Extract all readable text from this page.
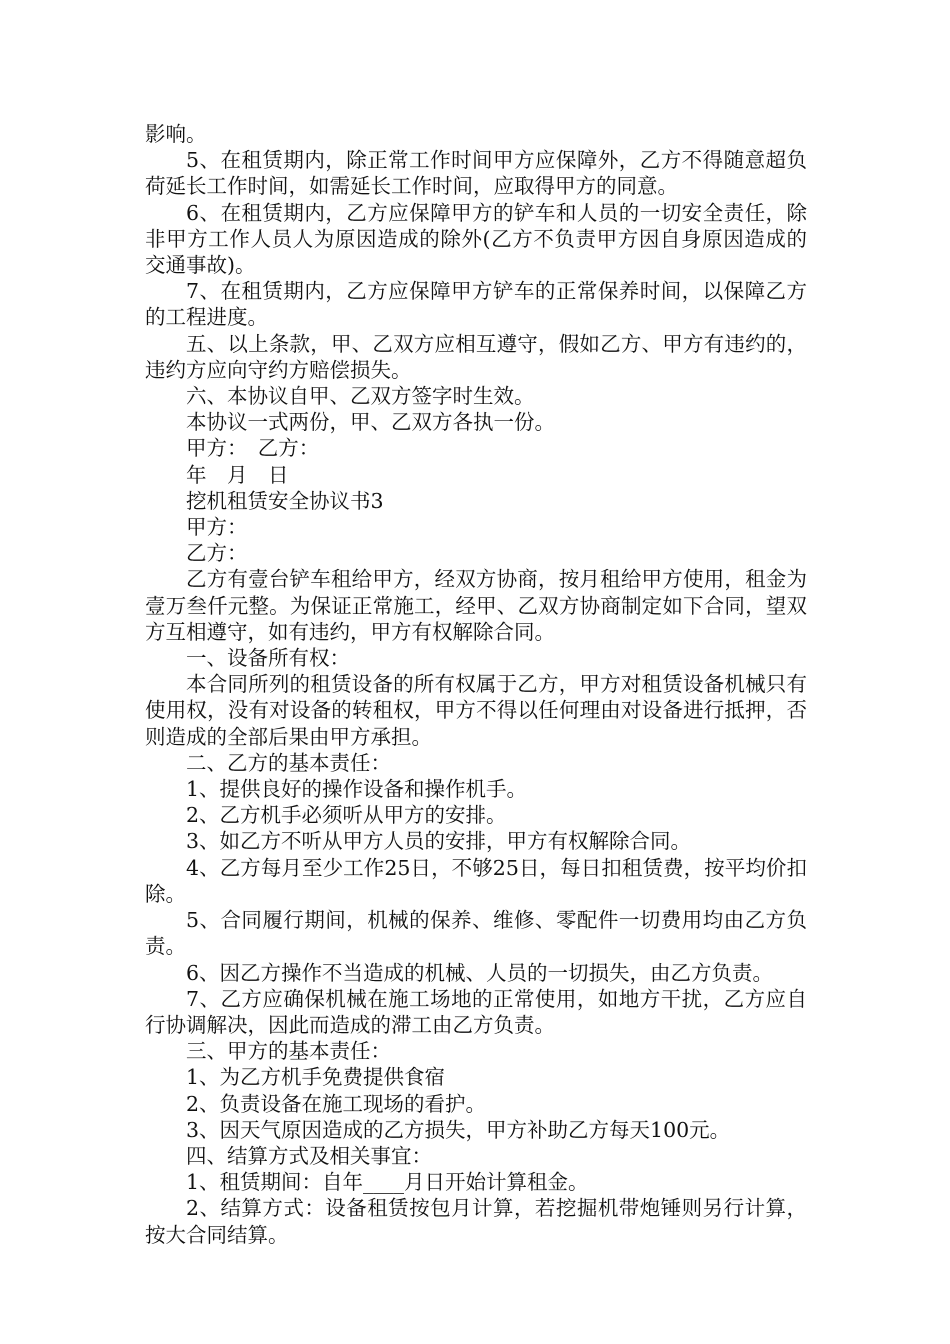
影响。

5、在租赁期内，除正常工作时间甲方应保障外，乙方不得随意超负荷延长工作时间，如需延长工作时间，应取得甲方的同意。

6、在租赁期内，乙方应保障甲方的铲车和人员的一切安全责任，除非甲方工作人员人为原因造成的除外(乙方不负责甲方因自身原因造成的交通事故)。

7、在租赁期内，乙方应保障甲方铲车的正常保养时间，以保障乙方的工程进度。

五、以上条款，甲、乙双方应相互遵守，假如乙方、甲方有违约的，违约方应向守约方赔偿损失。

六、本协议自甲、乙双方签字时生效。

本协议一式两份，甲、乙双方各执一份。

甲方：　乙方：

年　月　日

挖机租赁安全协议书3

甲方：

乙方：

乙方有壹台铲车租给甲方，经双方协商，按月租给甲方使用，租金为壹万叁仟元整。为保证正常施工，经甲、乙双方协商制定如下合同，望双方互相遵守，如有违约，甲方有权解除合同。

一、设备所有权：

本合同所列的租赁设备的所有权属于乙方，甲方对租赁设备机械只有使用权，没有对设备的转租权，甲方不得以任何理由对设备进行抵押，否则造成的全部后果由甲方承担。

二、乙方的基本责任：

1、提供良好的操作设备和操作机手。

2、乙方机手必须听从甲方的安排。

3、如乙方不听从甲方人员的安排，甲方有权解除合同。

4、乙方每月至少工作25日，不够25日，每日扣租赁费，按平均价扣除。

5、合同履行期间，机械的保养、维修、零配件一切费用均由乙方负责。

6、因乙方操作不当造成的机械、人员的一切损失，由乙方负责。

7、乙方应确保机械在施工场地的正常使用，如地方干扰，乙方应自行协调解决，因此而造成的滞工由乙方负责。

三、甲方的基本责任：

1、为乙方机手免费提供食宿

2、负责设备在施工现场的看护。

3、因天气原因造成的乙方损失，甲方补助乙方每天100元。

四、结算方式及相关事宜：

1、租赁期间：自年____月日开始计算租金。

2、结算方式：设备租赁按包月计算，若挖掘机带炮锤则另行计算，按大合同结算。
